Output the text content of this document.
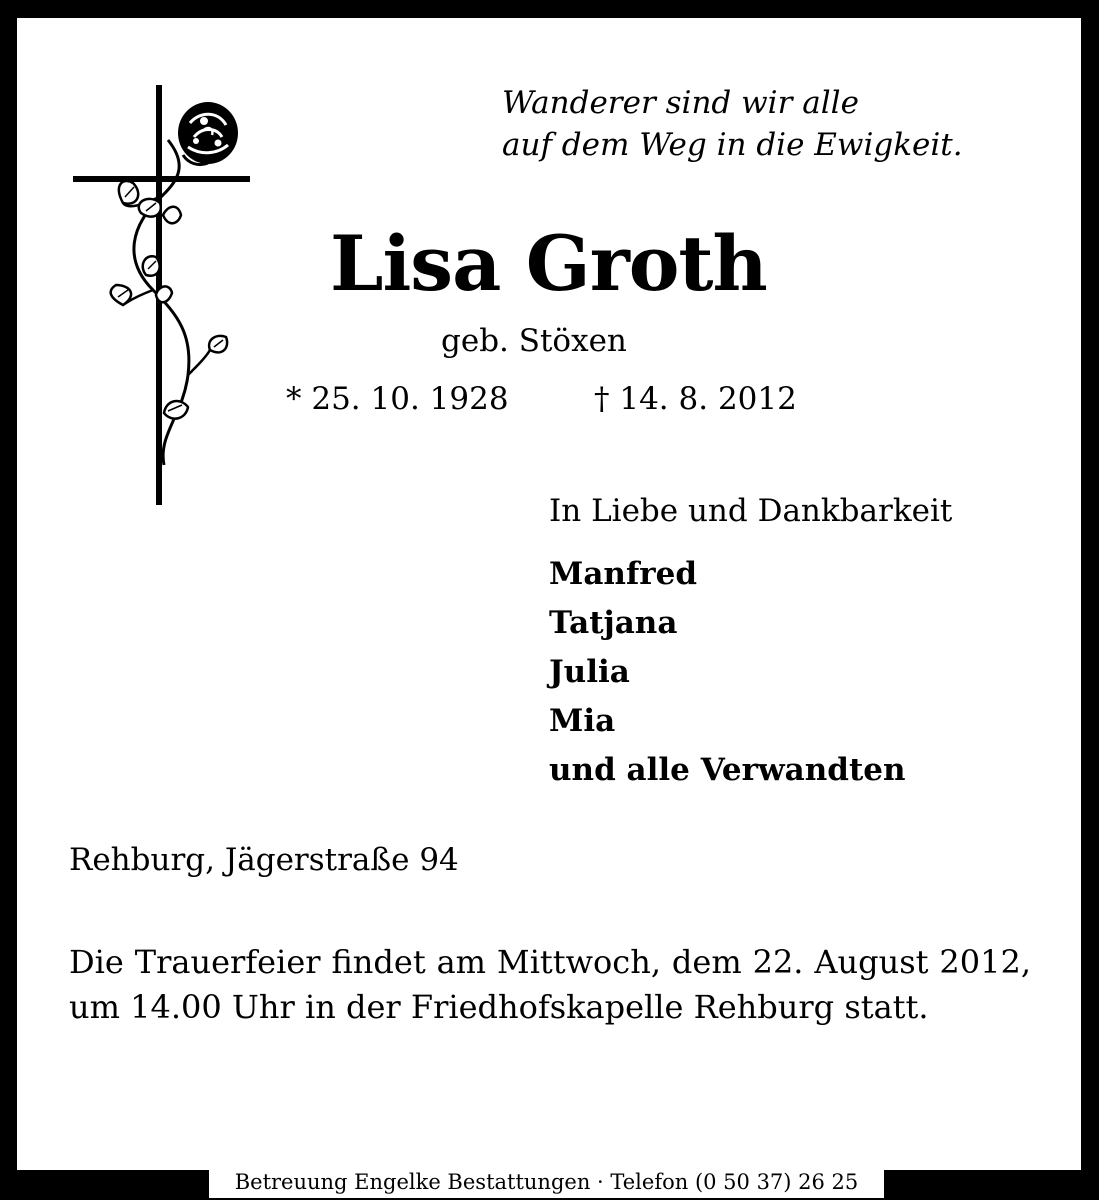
Wanderer sind wir alle
auf dem Weg in die Ewigkeit.
Lisa Groth
geb. Stöxen
* 25. 10. 1928	† 14. 8. 2012
In Liebe und Dankbarkeit
Manfred
Tatjana
Julia
Mia
und alle Verwandten
Rehburg, Jägerstraße 94

Die Trauerfeier findet am Mittwoch, dem 22. August 2012, um 14.00 Uhr in der Friedhofskapelle Rehburg statt.

Betreuung Engelke Bestattungen · Telefon (0 50 37) 26 25
